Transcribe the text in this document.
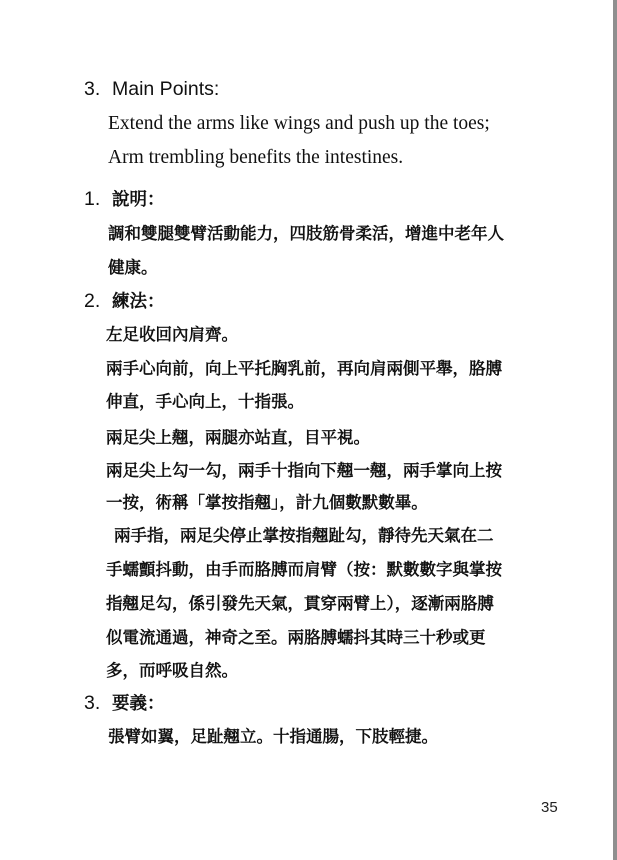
3. Main Points:
Extend the arms like wings and push up the toes;
Arm trembling benefits the intestines.
1. 說明：
調和雙腿雙臂活動能力，四肢筋骨柔活，增進中老年人
健康。
2. 練法：
左足收回內肩齊。
兩手心向前，向上平托胸乳前，再向肩兩側平舉，胳膊
伸直，手心向上，十指張。
兩足尖上翹，兩腿亦站直，目平視。
兩足尖上勾一勾，兩手十指向下翹一翹，兩手掌向上按
一按，術稱「掌按指翹」，計九個數默數畢。
兩手指，兩足尖停止掌按指翹趾勾，靜待先天氣在二
手蠕顫抖動，由手而胳膊而肩臂（按：默數數字與掌按
指翹足勾，係引發先天氣，貫穿兩臂上），逐漸兩胳膊
似電流通過，神奇之至。兩胳膊蠕抖其時三十秒或更
多，而呼吸自然。
3. 要義：
張臂如翼，足趾翹立。十指通腸，下肢輕捷。
35
